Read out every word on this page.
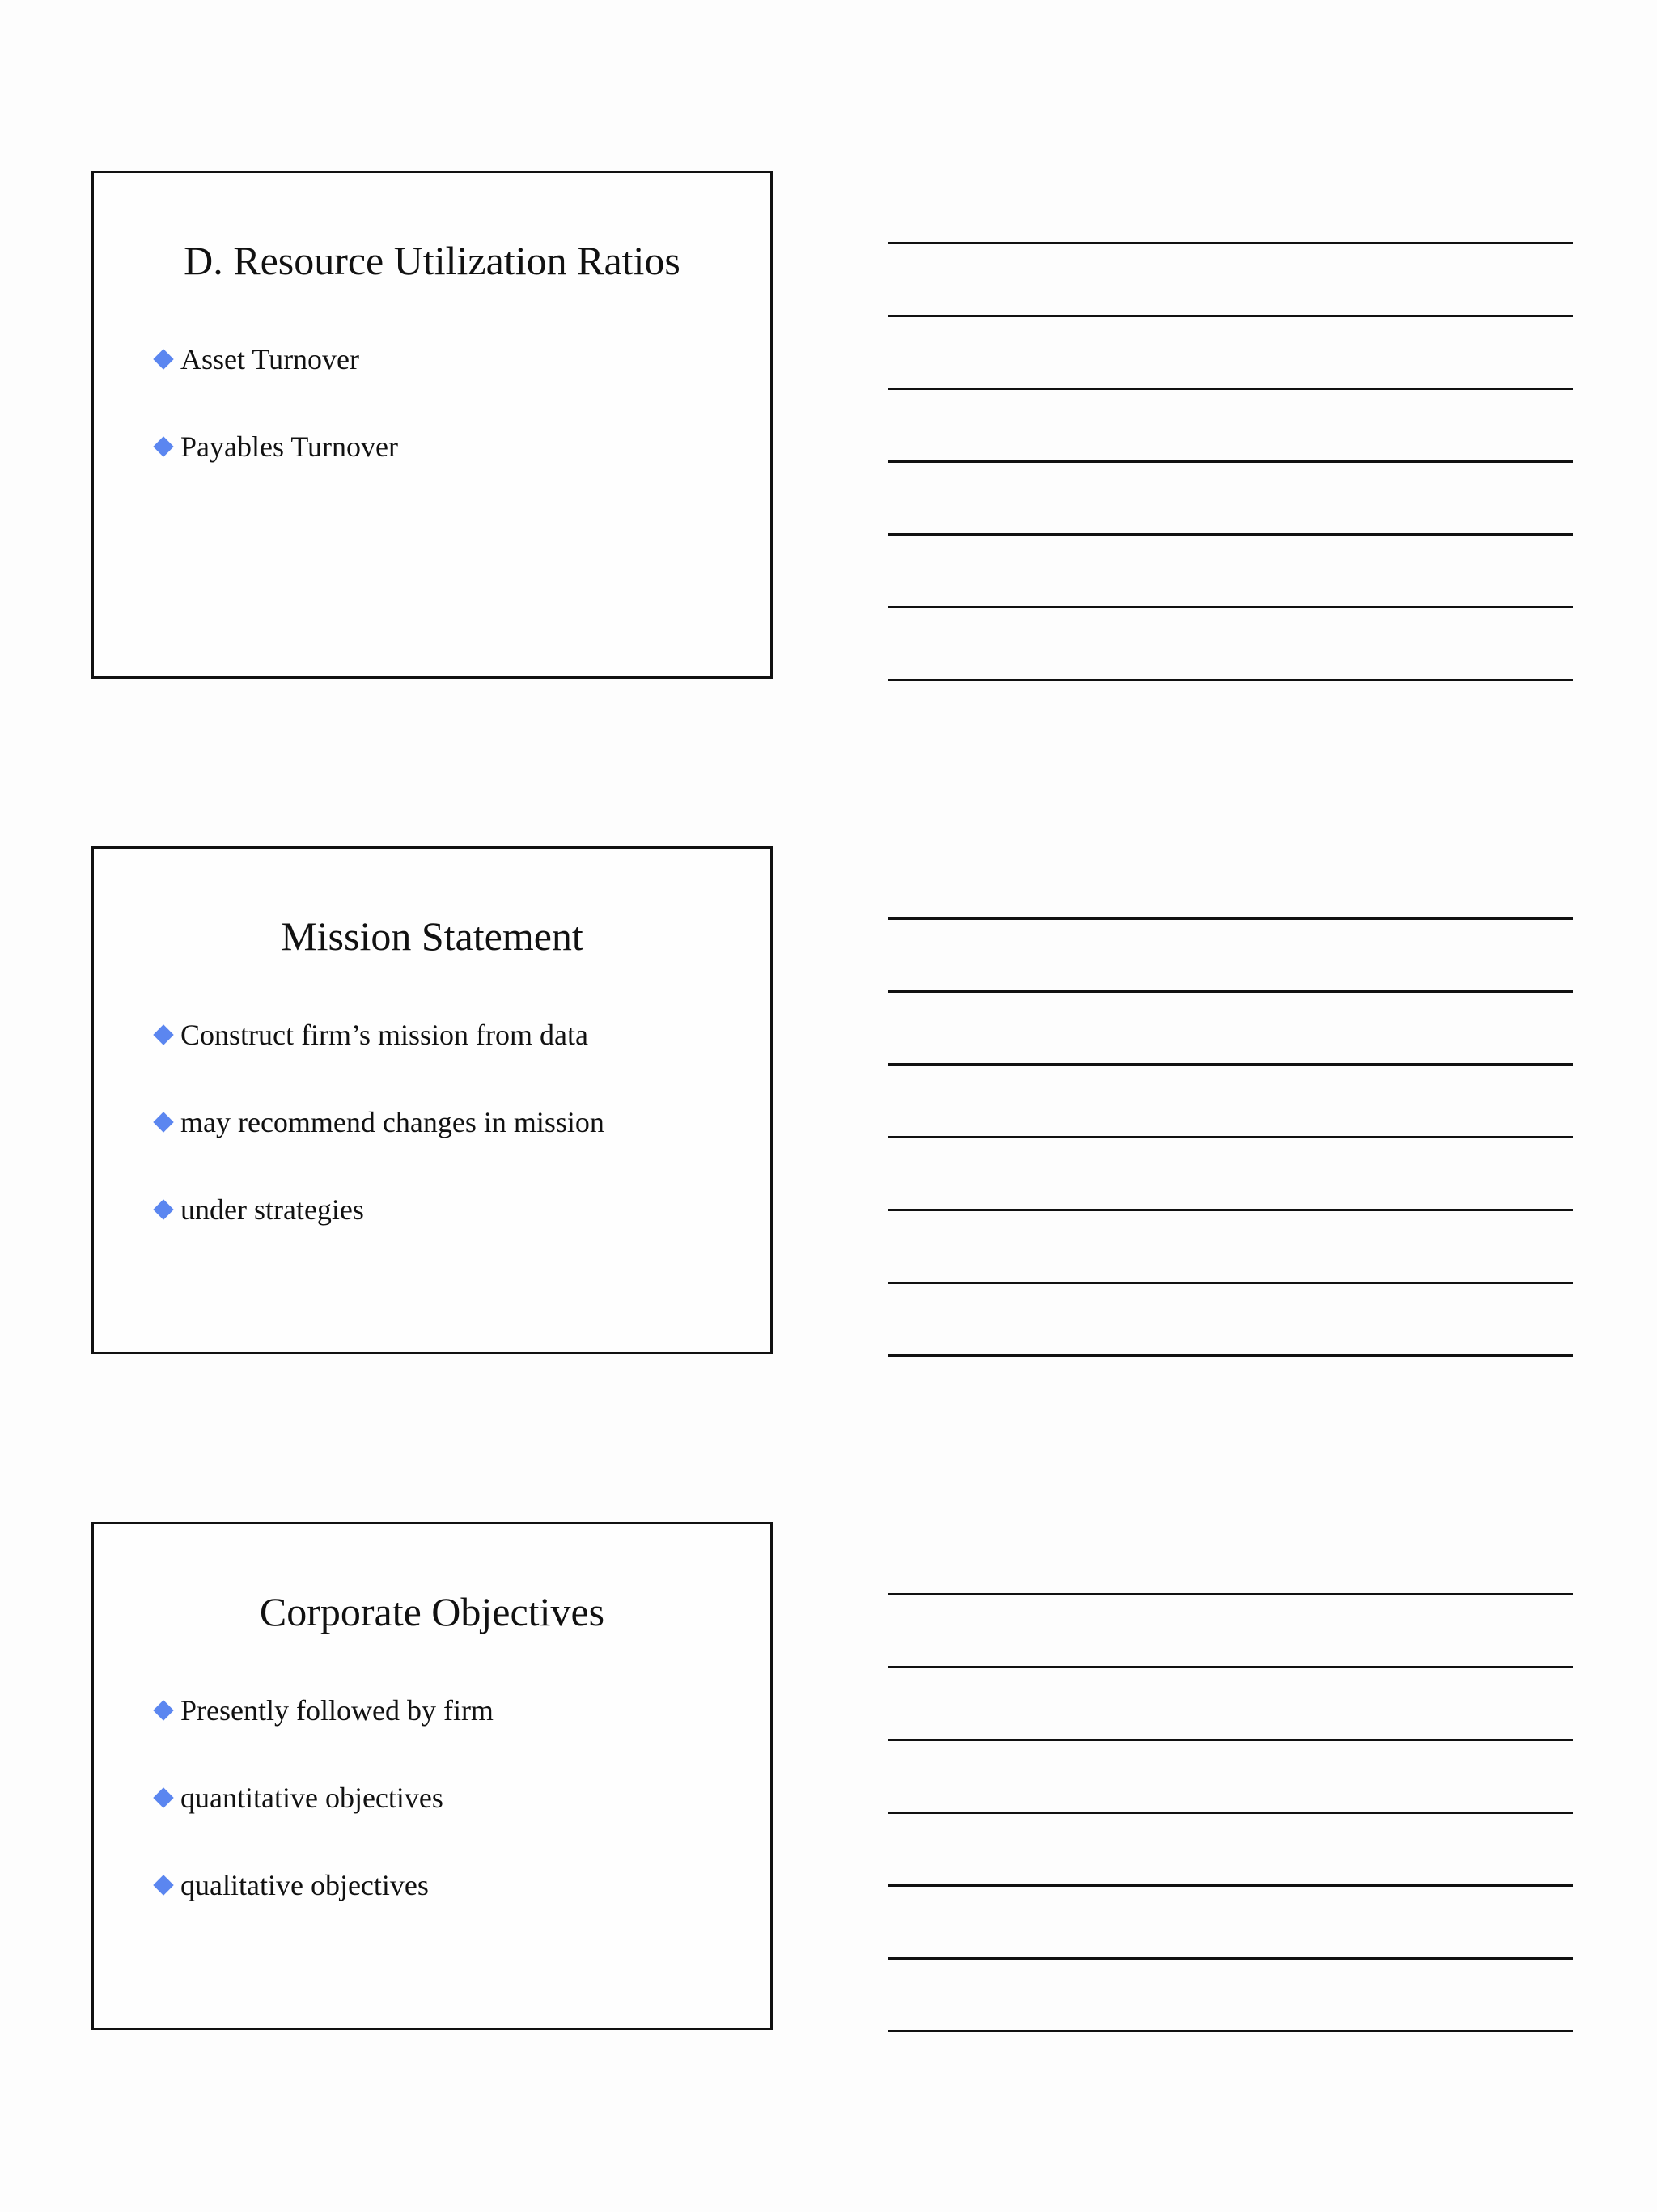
D. Resource Utilization Ratios
Asset Turnover
Payables Turnover
Mission Statement
Construct firm’s mission from data
may recommend changes in mission
under strategies
Corporate Objectives
Presently followed by firm
quantitative objectives
qualitative objectives
